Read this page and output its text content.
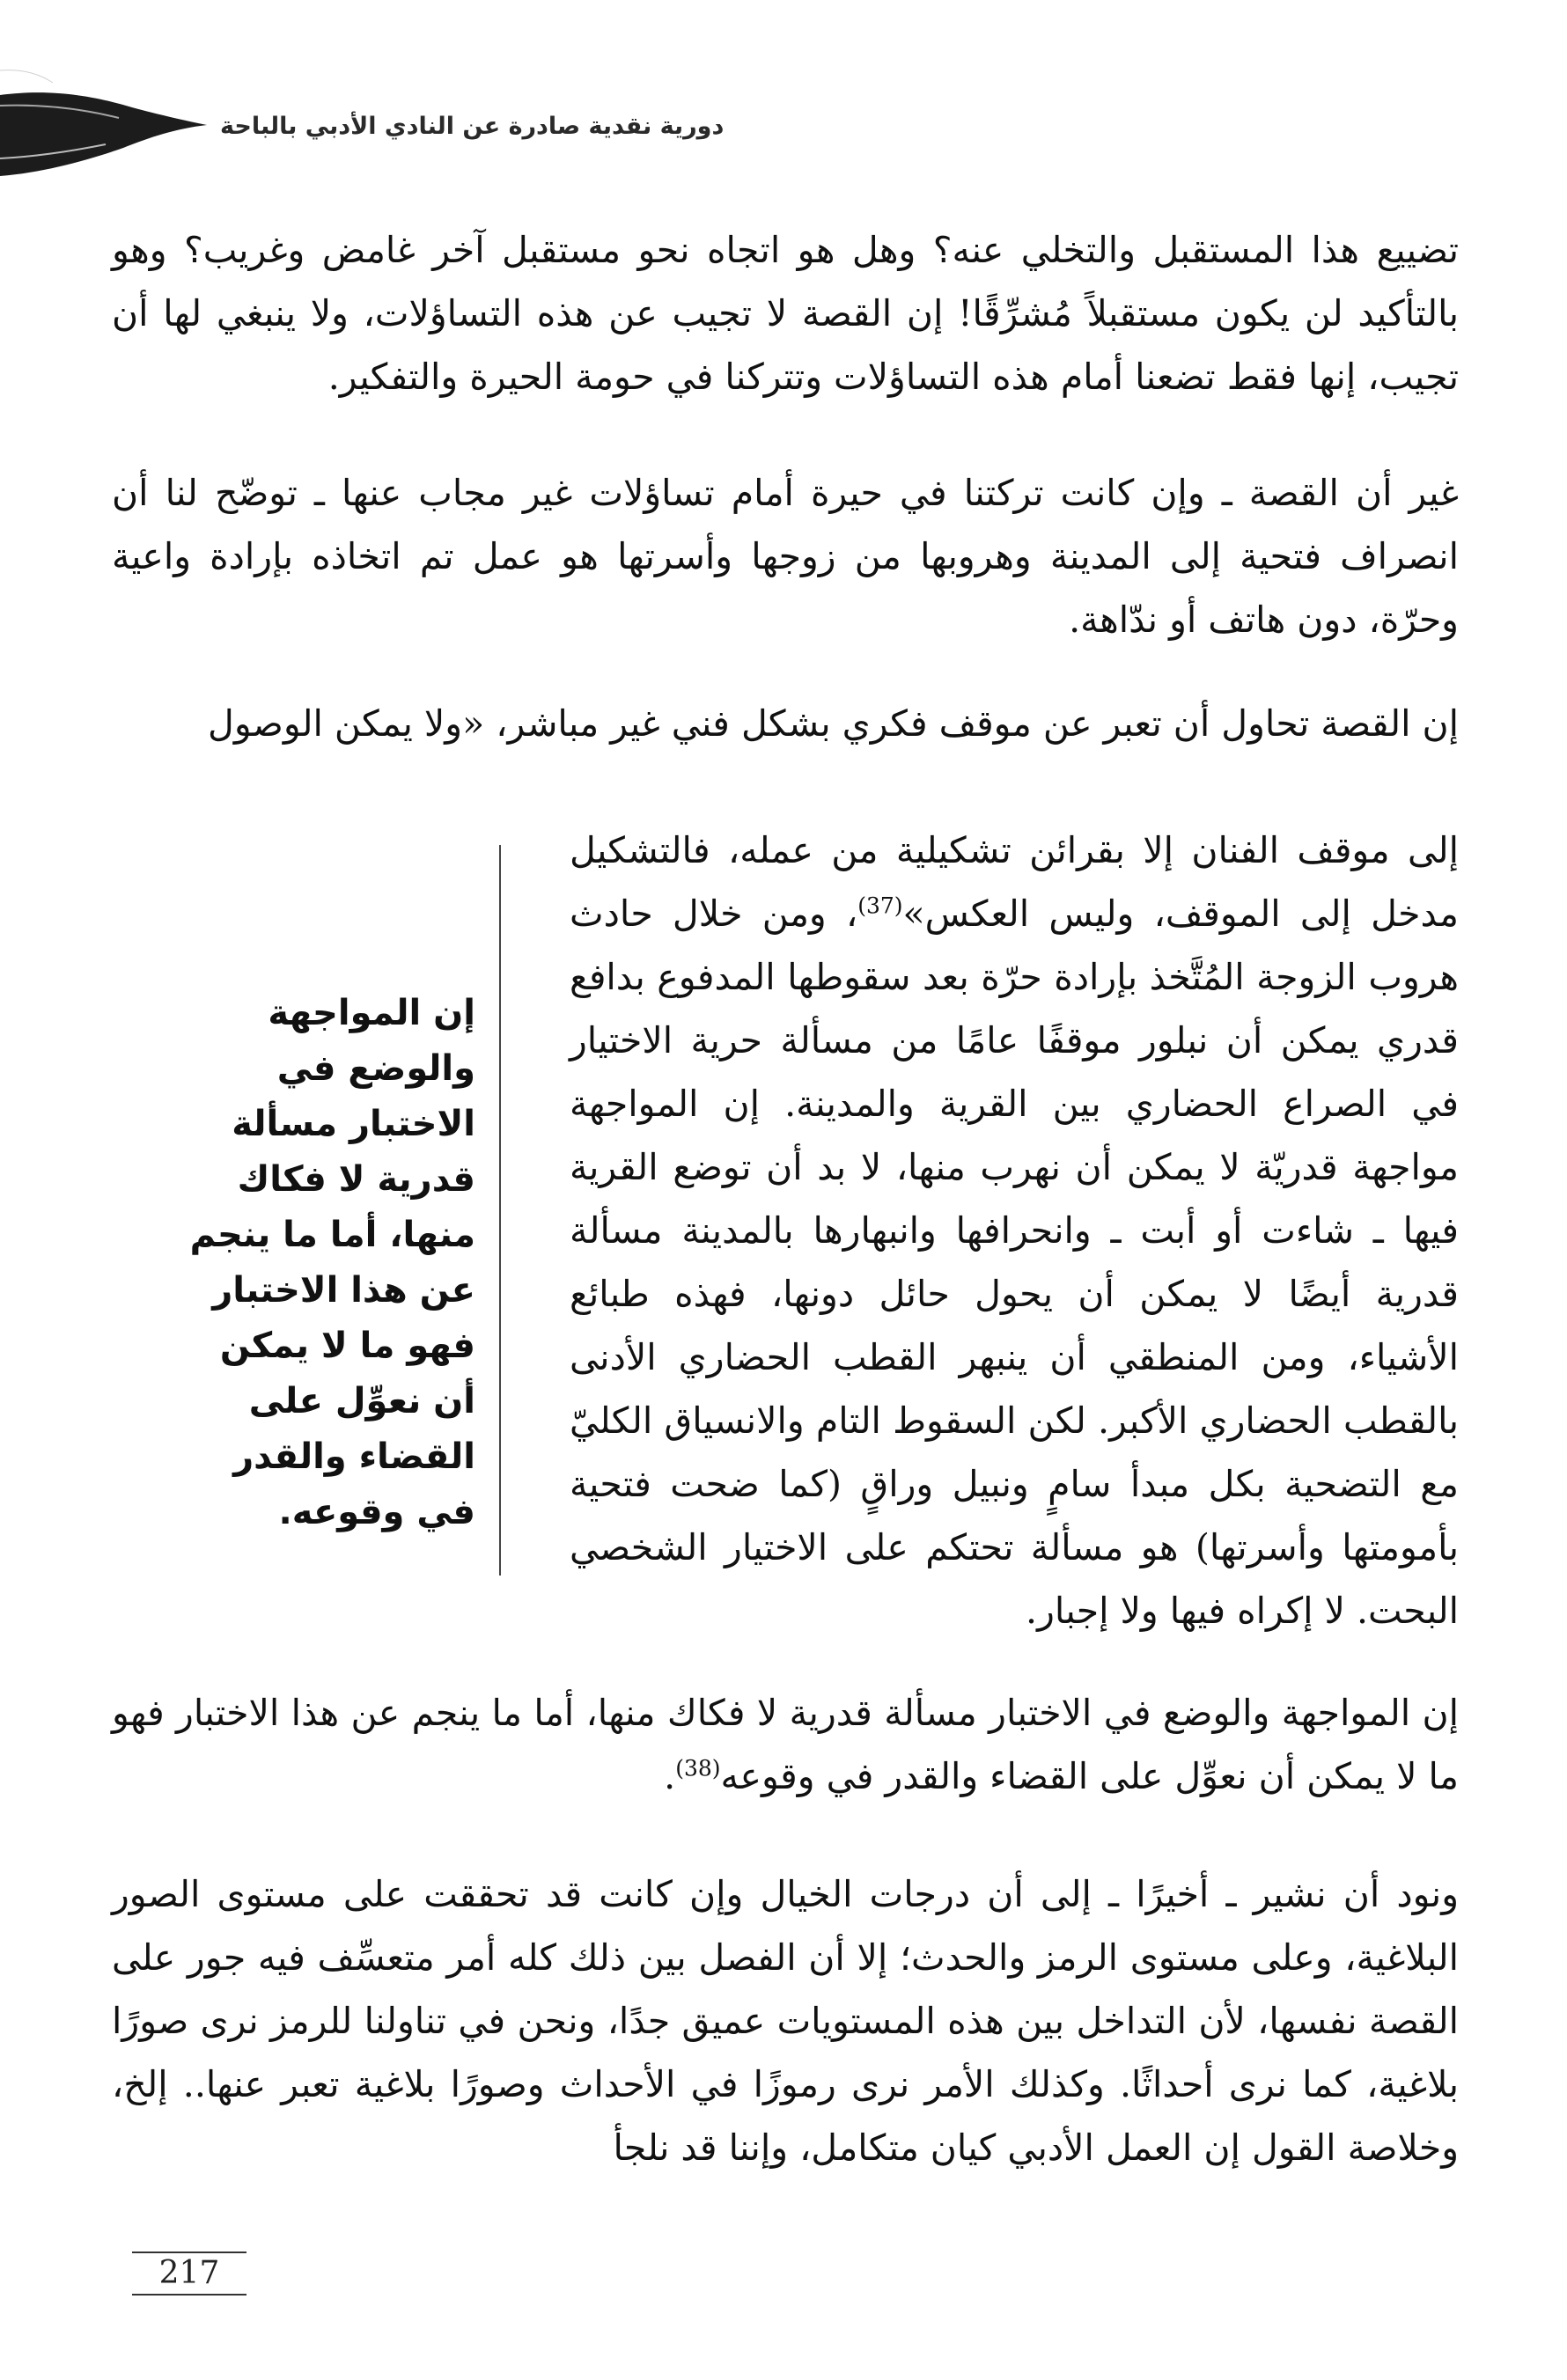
دورية نقدية صادرة عن النادي الأدبي بالباحة

تضييع هذا المستقبل والتخلي عنه؟ وهل هو اتجاه نحو مستقبل آخر غامض وغريب؟ وهو بالتأكيد لن يكون مستقبلاً مُشرِّقًا! إن القصة لا تجيب عن هذه التساؤلات، ولا ينبغي لها أن تجيب، إنها فقط تضعنا أمام هذه التساؤلات وتتركنا في حومة الحيرة والتفكير.

غير أن القصة ـ وإن كانت تركتنا في حيرة أمام تساؤلات غير مجاب عنها ـ توضّح لنا أن انصراف فتحية إلى المدينة وهروبها من زوجها وأسرتها هو عمل تم اتخاذه بإرادة واعية وحرّة، دون هاتف أو ندّاهة.

إن القصة تحاول أن تعبر عن موقف فكري بشكل فني غير مباشر، «ولا يمكن الوصول

إلى موقف الفنان إلا بقرائن تشكيلية من عمله، فالتشكيل مدخل إلى الموقف، وليس العكس»$^{(37)}$، ومن خلال حادث هروب الزوجة المُتَّخذ بإرادة حرّة بعد سقوطها المدفوع بدافع قدري يمكن أن نبلور موقفًا عامًا من مسألة حرية الاختيار في الصراع الحضاري بين القرية والمدينة. إن المواجهة مواجهة قدريّة لا يمكن أن نهرب منها، لا بد أن توضع القرية فيها ـ شاءت أو أبت ـ وانحرافها وانبهارها بالمدينة مسألة قدرية أيضًا لا يمكن أن يحول حائل دونها، فهذه طبائع الأشياء، ومن المنطقي أن ينبهر القطب الحضاري الأدنى بالقطب الحضاري الأكبر. لكن السقوط التام والانسياق الكليّ مع التضحية بكل مبدأ سامٍ ونبيل وراقٍ (كما ضحت فتحية بأمومتها وأسرتها) هو مسألة تحتكم على الاختيار الشخصي البحت. لا إكراه فيها ولا إجبار.

إن المواجهة والوضع في الاختبار مسألة قدرية لا فكاك منها، أما ما ينجم عن هذا الاختبار فهو ما لا يمكن أن نعوِّل على القضاء والقدر في وقوعه.

إن المواجهة والوضع في الاختبار مسألة قدرية لا فكاك منها، أما ما ينجم عن هذا الاختبار فهو ما لا يمكن أن نعوِّل على القضاء والقدر في وقوعه$^{(38)}$.

ونود أن نشير ـ أخيرًا ـ إلى أن درجات الخيال وإن كانت قد تحققت على مستوى الصور البلاغية، وعلى مستوى الرمز والحدث؛ إلا أن الفصل بين ذلك كله أمر متعسِّف فيه جور على القصة نفسها، لأن التداخل بين هذه المستويات عميق جدًا، ونحن في تناولنا للرمز نرى صورًا بلاغية، كما نرى أحداثًا. وكذلك الأمر نرى رموزًا في الأحداث وصورًا بلاغية تعبر عنها.. إلخ، وخلاصة القول إن العمل الأدبي كيان متكامل، وإننا قد نلجأ

217
